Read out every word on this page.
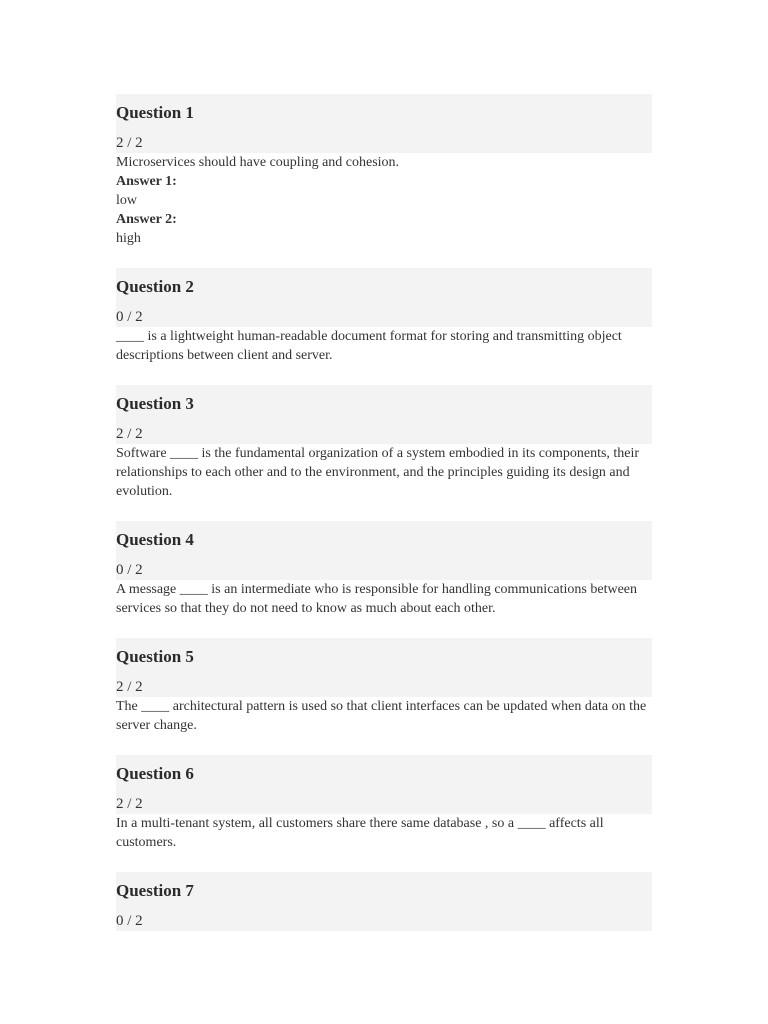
Question 1
2 / 2

Microservices should have coupling and cohesion.

Answer 1:

low

Answer 2:

high

Question 2
0 / 2

____ is a lightweight human-readable document format for storing and transmitting object descriptions between client and server.

Question 3
2 / 2

Software ____ is the fundamental organization of a system embodied in its components, their relationships to each other and to the environment, and the principles guiding its design and evolution.

Question 4
0 / 2

A message ____ is an intermediate who is responsible for handling communications between services so that they do not need to know as much about each other.

Question 5
2 / 2

The ____ architectural pattern is used so that client interfaces can be updated when data on the server change.

Question 6
2 / 2

In a multi-tenant system, all customers share there same database , so a ____ affects all customers.

Question 7
0 / 2
